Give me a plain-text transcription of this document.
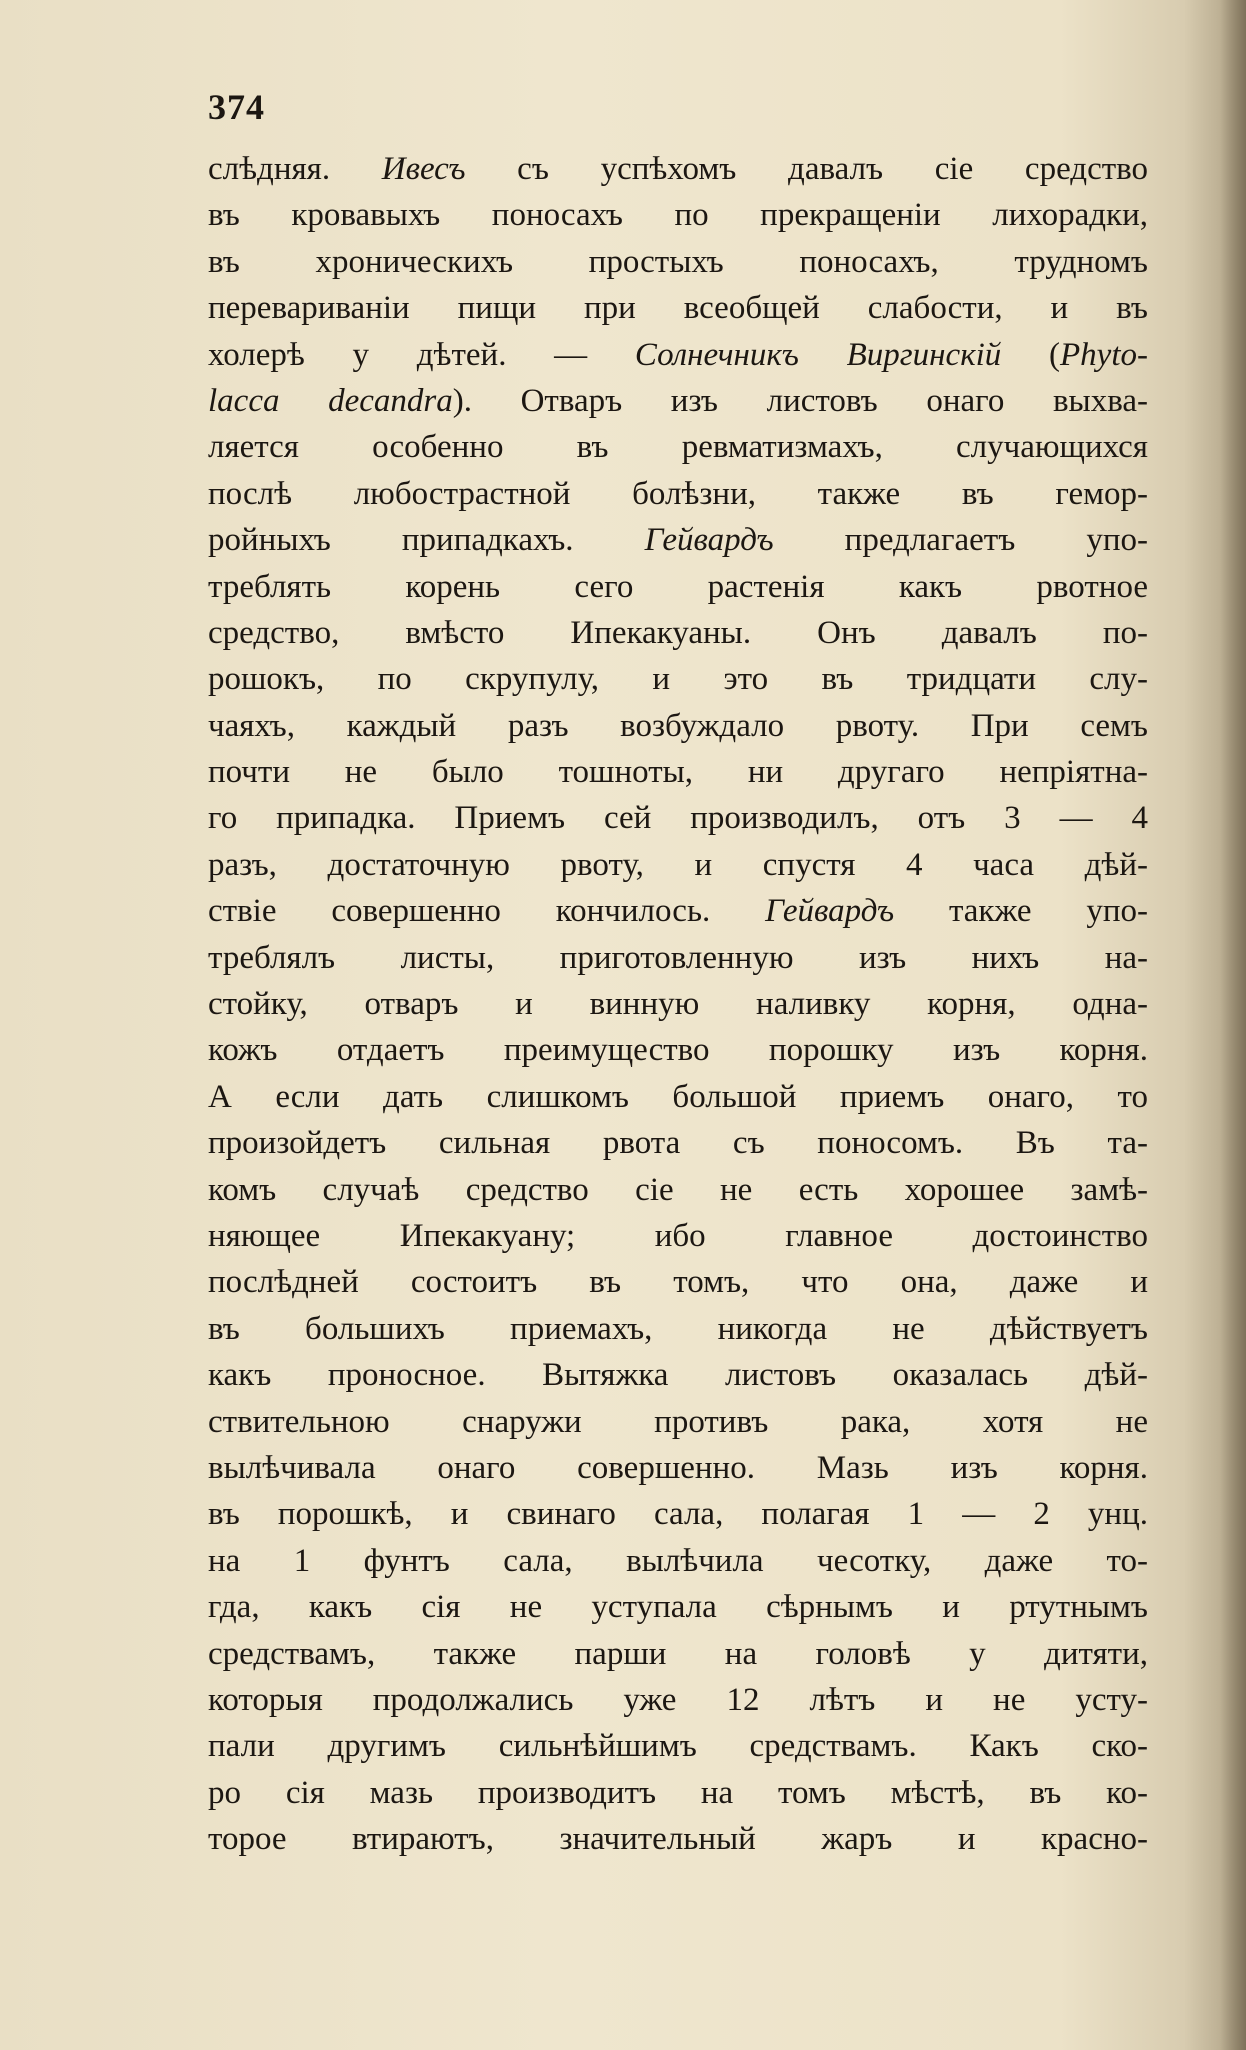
374
слѣдняя. Ивесъ съ успѣхомъ давалъ сіе средство
въ кровавыхъ поносахъ по прекращеніи лихорадки,
въ хроническихъ простыхъ поносахъ, трудномъ
перевариваніи пищи при всеобщей слабости, и въ
холерѣ у дѣтей. — Солнечникъ Виргинскій (Phyto-
lacca decandra). Отваръ изъ листовъ онаго выхва-
ляется особенно въ ревматизмахъ, случающихся
послѣ любострастной болѣзни, также въ гемор-
ройныхъ припадкахъ. Гейвардъ предлагаетъ упо-
треблять корень сего растенія какъ рвотное
средство, вмѣсто Ипекакуаны. Онъ давалъ по-
рошокъ, по скрупулу, и это въ тридцати слу-
чаяхъ, каждый разъ возбуждало рвоту. При семъ
почти не было тошноты, ни другаго непріятна-
го припадка. Приемъ сей производилъ, отъ 3 — 4
разъ, достаточную рвоту, и спустя 4 часа дѣй-
ствіе совершенно кончилось. Гейвардъ также упо-
треблялъ листы, приготовленную изъ нихъ на-
стойку, отваръ и винную наливку корня, одна-
кожъ отдаетъ преимущество порошку изъ корня.
А если дать слишкомъ большой приемъ онаго, то
произойдетъ сильная рвота съ поносомъ. Въ та-
комъ случаѣ средство сіе не есть хорошее замѣ-
няющее Ипекакуану; ибо главное достоинство
послѣдней состоитъ въ томъ, что она, даже и
въ большихъ приемахъ, никогда не дѣйствуетъ
какъ проносное. Вытяжка листовъ оказалась дѣй-
ствительною снаружи противъ рака, хотя не
вылѣчивала онаго совершенно. Мазь изъ корня.
въ порошкѣ, и свинаго сала, полагая 1 — 2 унц.
на 1 фунтъ сала, вылѣчила чесотку, даже то-
гда, какъ сія не уступала сѣрнымъ и ртутнымъ
средствамъ, также парши на головѣ у дитяти,
которыя продолжались уже 12 лѣтъ и не усту-
пали другимъ сильнѣйшимъ средствамъ. Какъ ско-
ро сія мазь производитъ на томъ мѣстѣ, въ ко-
торое втираютъ, значительный жаръ и красно-
